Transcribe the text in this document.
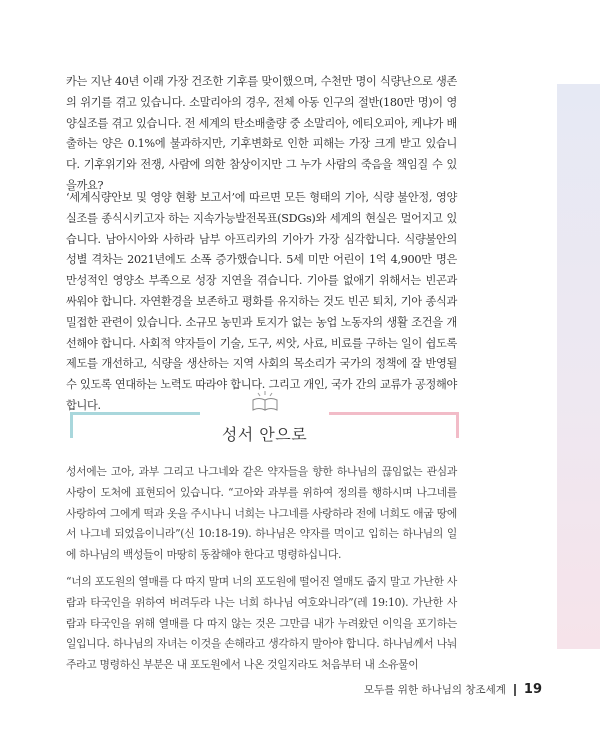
카는 지난 40년 이래 가장 건조한 기후를 맞이했으며, 수천만 명이 식량난으로 생존의 위기를 겪고 있습니다. 소말리아의 경우, 전체 아동 인구의 절반(180만 명)이 영양실조를 겪고 있습니다. 전 세계의 탄소배출량 중 소말리아, 에티오피아, 케냐가 배출하는 양은 0.1%에 불과하지만, 기후변화로 인한 피해는 가장 크게 받고 있습니다. 기후위기와 전쟁, 사람에 의한 참상이지만 그 누가 사람의 죽음을 책임질 수 있을까요?

‘세계식량안보 및 영양 현황 보고서’에 따르면 모든 형태의 기아, 식량 불안정, 영양실조를 종식시키고자 하는 지속가능발전목표(SDGs)와 세계의 현실은 멀어지고 있습니다. 남아시아와 사하라 남부 아프리카의 기아가 가장 심각합니다. 식량불안의 성별 격차는 2021년에도 소폭 증가했습니다. 5세 미만 어린이 1억 4,900만 명은 만성적인 영양소 부족으로 성장 지연을 겪습니다. 기아를 없애기 위해서는 빈곤과 싸워야 합니다. 자연환경을 보존하고 평화를 유지하는 것도 빈곤 퇴치, 기아 종식과 밀접한 관련이 있습니다. 소규모 농민과 토지가 없는 농업 노동자의 생활 조건을 개선해야 합니다. 사회적 약자들이 기술, 도구, 씨앗, 사료, 비료를 구하는 일이 쉽도록 제도를 개선하고, 식량을 생산하는 지역 사회의 목소리가 국가의 정책에 잘 반영될 수 있도록 연대하는 노력도 따라야 합니다. 그리고 개인, 국가 간의 교류가 공정해야 합니다.

성서 안으로

성서에는 고아, 과부 그리고 나그네와 같은 약자들을 향한 하나님의 끊임없는 관심과 사랑이 도처에 표현되어 있습니다. “고아와 과부를 위하여 정의를 행하시며 나그네를 사랑하여 그에게 떡과 옷을 주시나니 너희는 나그네를 사랑하라 전에 너희도 애굽 땅에서 나그네 되었음이니라”(신 10:18-19). 하나님은 약자를 먹이고 입히는 하나님의 일에 하나님의 백성들이 마땅히 동참해야 한다고 명령하십니다.

“너의 포도원의 열매를 다 따지 말며 너의 포도원에 떨어진 열매도 줍지 말고 가난한 사람과 타국인을 위하여 버려두라 나는 너희 하나님 여호와니라”(레 19:10). 가난한 사람과 타국인을 위해 열매를 다 따지 않는 것은 그만큼 내가 누려왔던 이익을 포기하는 일입니다. 하나님의 자녀는 이것을 손해라고 생각하지 말아야 합니다. 하나님께서 나눠주라고 명령하신 부분은 내 포도원에서 나온 것일지라도 처음부터 내 소유물이

모두를 위한 하나님의 창조세계 19
